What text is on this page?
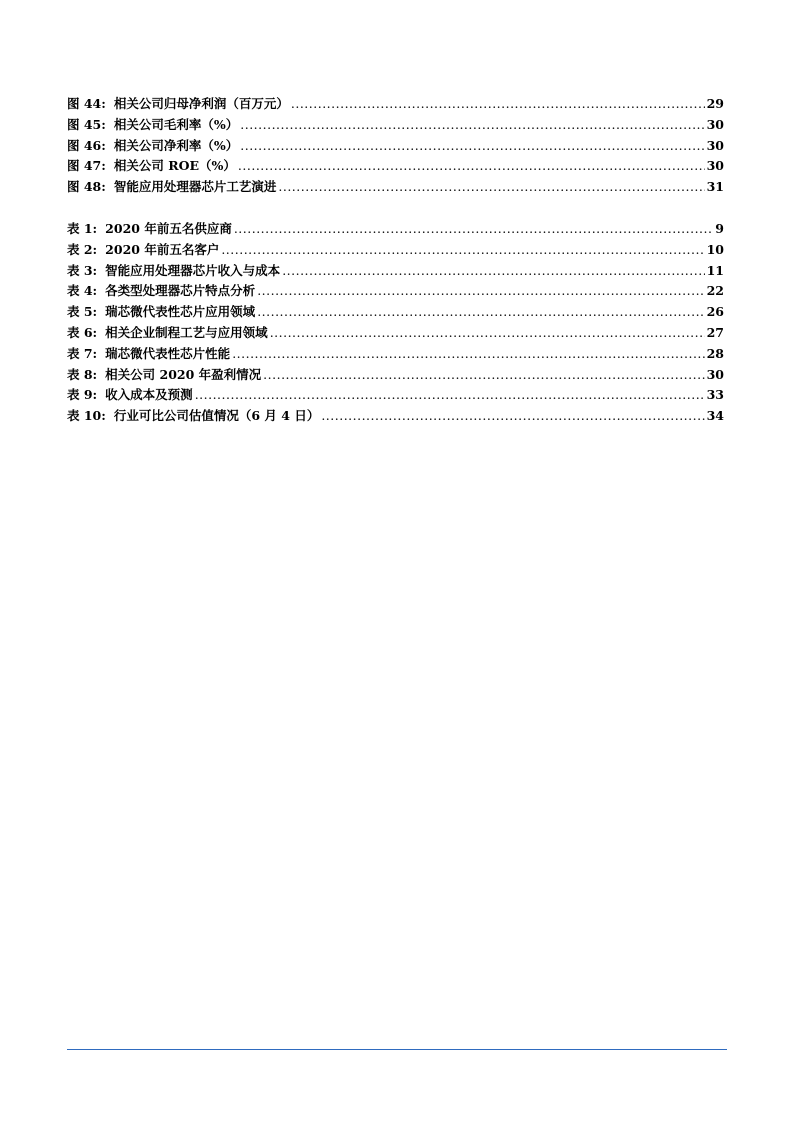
图 44: 相关公司归母净利润（百万元） .....	29
图 45: 相关公司毛利率（%） .....	30
图 46: 相关公司净利率（%） .....	30
图 47: 相关公司 ROE（%） .....	30
图 48: 智能应用处理器芯片工艺演进 .....	31
表 1: 2020 年前五名供应商 .....	9
表 2: 2020 年前五名客户 .....	10
表 3: 智能应用处理器芯片收入与成本 .....	11
表 4: 各类型处理器芯片特点分析 .....	22
表 5: 瑞芯微代表性芯片应用领域 .....	26
表 6: 相关企业制程工艺与应用领域 .....	27
表 7: 瑞芯微代表性芯片性能 .....	28
表 8: 相关公司 2020 年盈利情况 .....	30
表 9: 收入成本及预测 .....	33
表 10: 行业可比公司估值情况（6 月 4 日） .....	34
